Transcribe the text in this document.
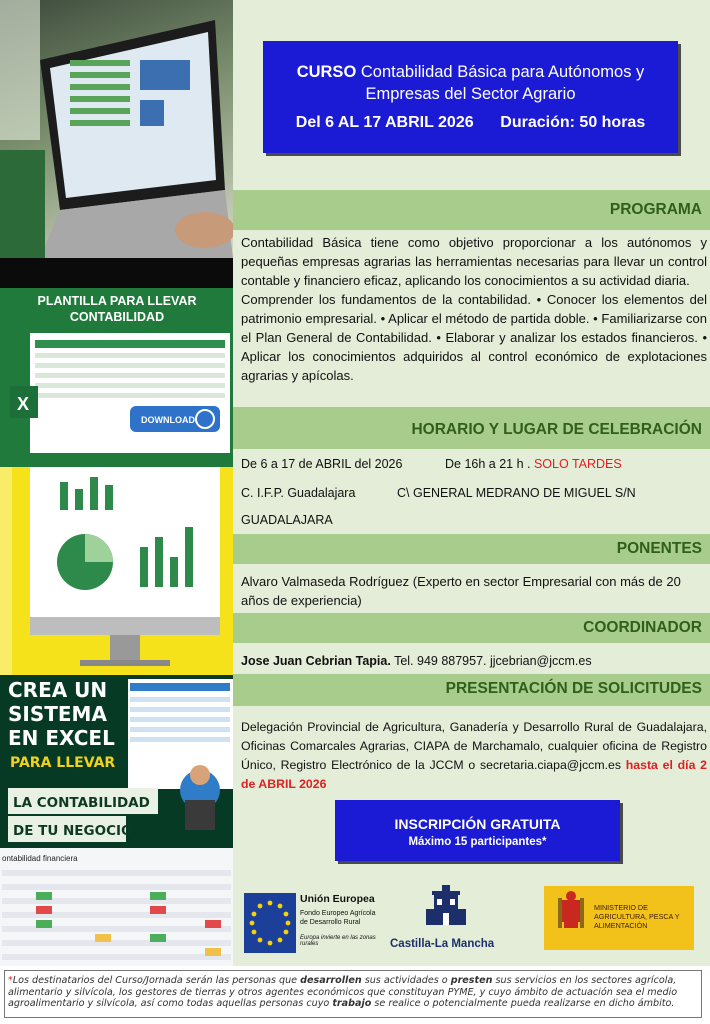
PLANTILLA PARA LLEVAR
CONTABILIDAD
X
DOWNLOAD
CREA UN
SISTEMA
EN EXCEL
PARA LLEVAR
LA CONTABILIDAD
DE TU NEGOCIO
ontabilidad financiera
CURSO Contabilidad Básica para Autónomos y Empresas del Sector Agrario
Del 6 AL 17 ABRIL 2026 Duración: 50 horas
PROGRAMA
Contabilidad Básica tiene como objetivo proporcionar a los autónomos y pequeñas empresas agrarias las herramientas necesarias para llevar un control contable y financiero eficaz, aplicando los conocimientos a su actividad diaria.
Comprender los fundamentos de la contabilidad. • Conocer los elementos del patrimonio empresarial. • Aplicar el método de partida doble. • Familiarizarse con el Plan General de Contabilidad. • Elaborar y analizar los estados financieros. • Aplicar los conocimientos adquiridos al control económico de explotaciones agrarias y apícolas.
HORARIO Y LUGAR DE CELEBRACIÓN
De 6 a 17 de ABRIL del 2026	De 16h a 21 h . SOLO TARDES
C. I.F.P. Guadalajara	C\ GENERAL MEDRANO DE MIGUEL S/N
GUADALAJARA
PONENTES
Alvaro Valmaseda Rodríguez (Experto en sector Empresarial con más de 20 años de experiencia)
COORDINADOR
Jose Juan Cebrian Tapia. Tel. 949 887957. jjcebrian@jccm.es
PRESENTACIÓN DE SOLICITUDES
Delegación Provincial de Agricultura, Ganadería y Desarrollo Rural de Guadalajara, Oficinas Comarcales Agrarias, CIAPA de Marchamalo, cualquier oficina de Registro Único, Registro Electrónico de la JCCM o secretaria.ciapa@jccm.es hasta el día 2 de ABRIL 2026
INSCRIPCIÓN GRATUITA
Máximo 15 participantes*
Unión Europea
Fondo Europeo Agrícola de Desarrollo Rural
Europa invierte en las zonas rurales	Castilla-La Mancha
MINISTERIO DE AGRICULTURA, PESCA Y ALIMENTACIÓN
*Los destinatarios del Curso/Jornada serán las personas que desarrollen sus actividades o presten sus servicios en los sectores agrícola, alimentario y silvícola, los gestores de tierras y otros agentes económicos que constituyan PYME, y cuyo ámbito de actuación sea el medio agroalimentario y silvícola, así como todas aquellas personas cuyo trabajo se realice o potencialmente pueda realizarse en dicho ámbito.
